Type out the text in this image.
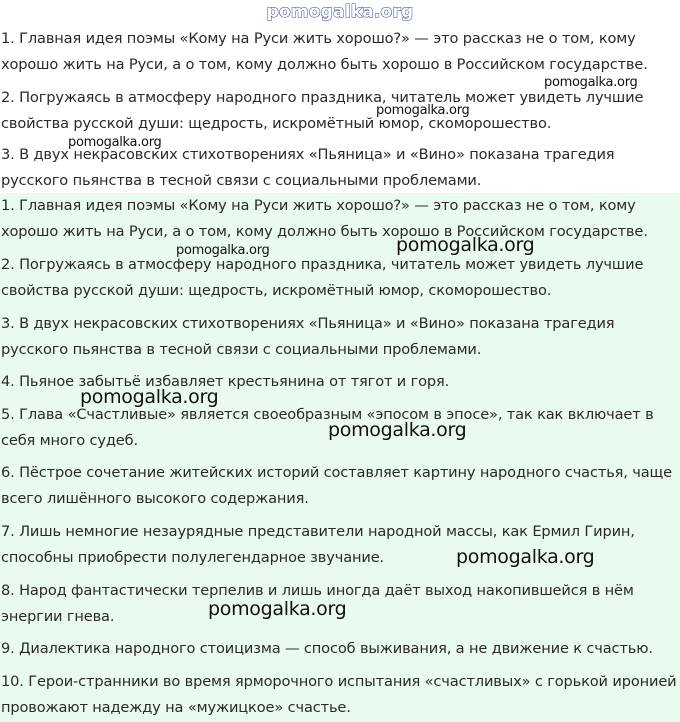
pomogalka.org

1. Главная идея поэмы «Кому на Руси жить хорошо?» — это рассказ не о том, кому хорошо жить на Руси, а о том, кому должно быть хорошо в Российском государстве.

2. Погружаясь в атмосферу народного праздника, читатель может увидеть лучшие свойства русской души: щедрость, искромётный юмор, скоморошество.

3. В двух некрасовских стихотворениях «Пьяница» и «Вино» показана трагедия русского пьянства в тесной связи с социальными проблемами.

1. Главная идея поэмы «Кому на Руси жить хорошо?» — это рассказ не о том, кому хорошо жить на Руси, а о том, кому должно быть хорошо в Российском государстве.

2. Погружаясь в атмосферу народного праздника, читатель может увидеть лучшие свойства русской души: щедрость, искромётный юмор, скоморошество.

3. В двух некрасовских стихотворениях «Пьяница» и «Вино» показана трагедия русского пьянства в тесной связи с социальными проблемами.

4. Пьяное забытьё избавляет крестьянина от тягот и горя.

5. Глава «Счастливые» является своеобразным «эпосом в эпосе», так как включает в себя много судеб.

6. Пёстрое сочетание житейских историй составляет картину народного счастья, чаще всего лишённого высокого содержания.

7. Лишь немногие незаурядные представители народной массы, как Ермил Гирин, способны приобрести полулегендарное звучание.

8. Народ фантастически терпелив и лишь иногда даёт выход накопившейся в нём энергии гнева.

9. Диалектика народного стоицизма — способ выживания, а не движение к счастью.

10. Герои-странники во время ярморочного испытания «счастливых» с горькой иронией провожают надежду на «мужицкое» счастье.

pomogalka.org
pomogalka.org
pomogalka.org
pomogalka.org	pomogalka.org
pomogalka.org
pomogalka.org
pomogalka.org
pomogalka.org
